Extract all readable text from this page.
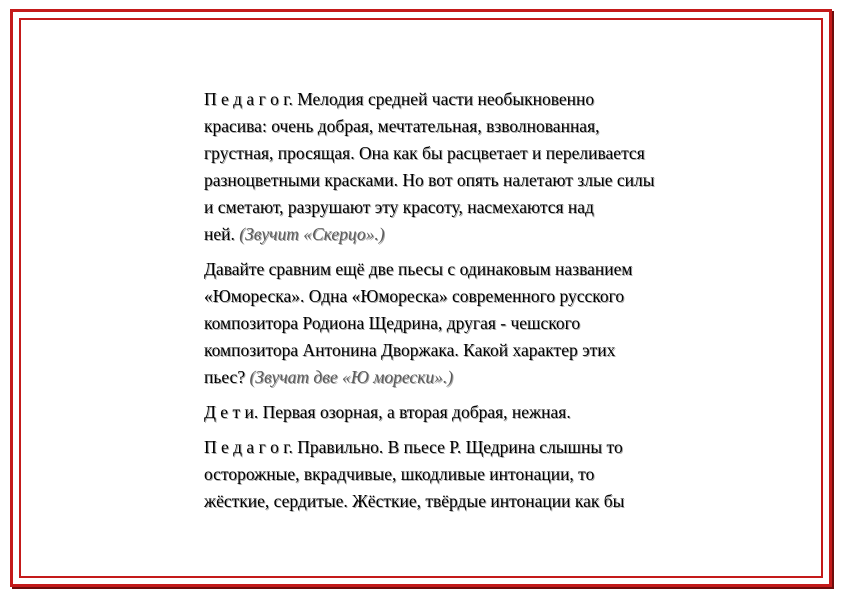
П е д а г о г. Мелодия средней части необыкновенно
красива: очень добрая, мечтательная, взволнованная,
грустная, просящая. Она как бы расцветает и переливается
разноцветными красками. Но вот опять налетают злые силы
и сметают, разрушают эту красоту, насмехаются над
ней. (Звучит «Скерцо».)

Давайте сравним ещё две пьесы с одинаковым названием
«Юмореска». Одна «Юмореска» современного русского
композитора Родиона Щедрина, другая - чешского
композитора Антонина Дворжака. Какой характер этих
пьес? (Звучат две «Ю морески».)

Д е т и. Первая озорная, а вторая добрая, нежная.

П е д а г о г. Правильно. В пьесе Р. Щедрина слышны то
осторожные, вкрадчивые, шкодливые интонации, то
жёсткие, сердитые. Жёсткие, твёрдые интонации как бы
